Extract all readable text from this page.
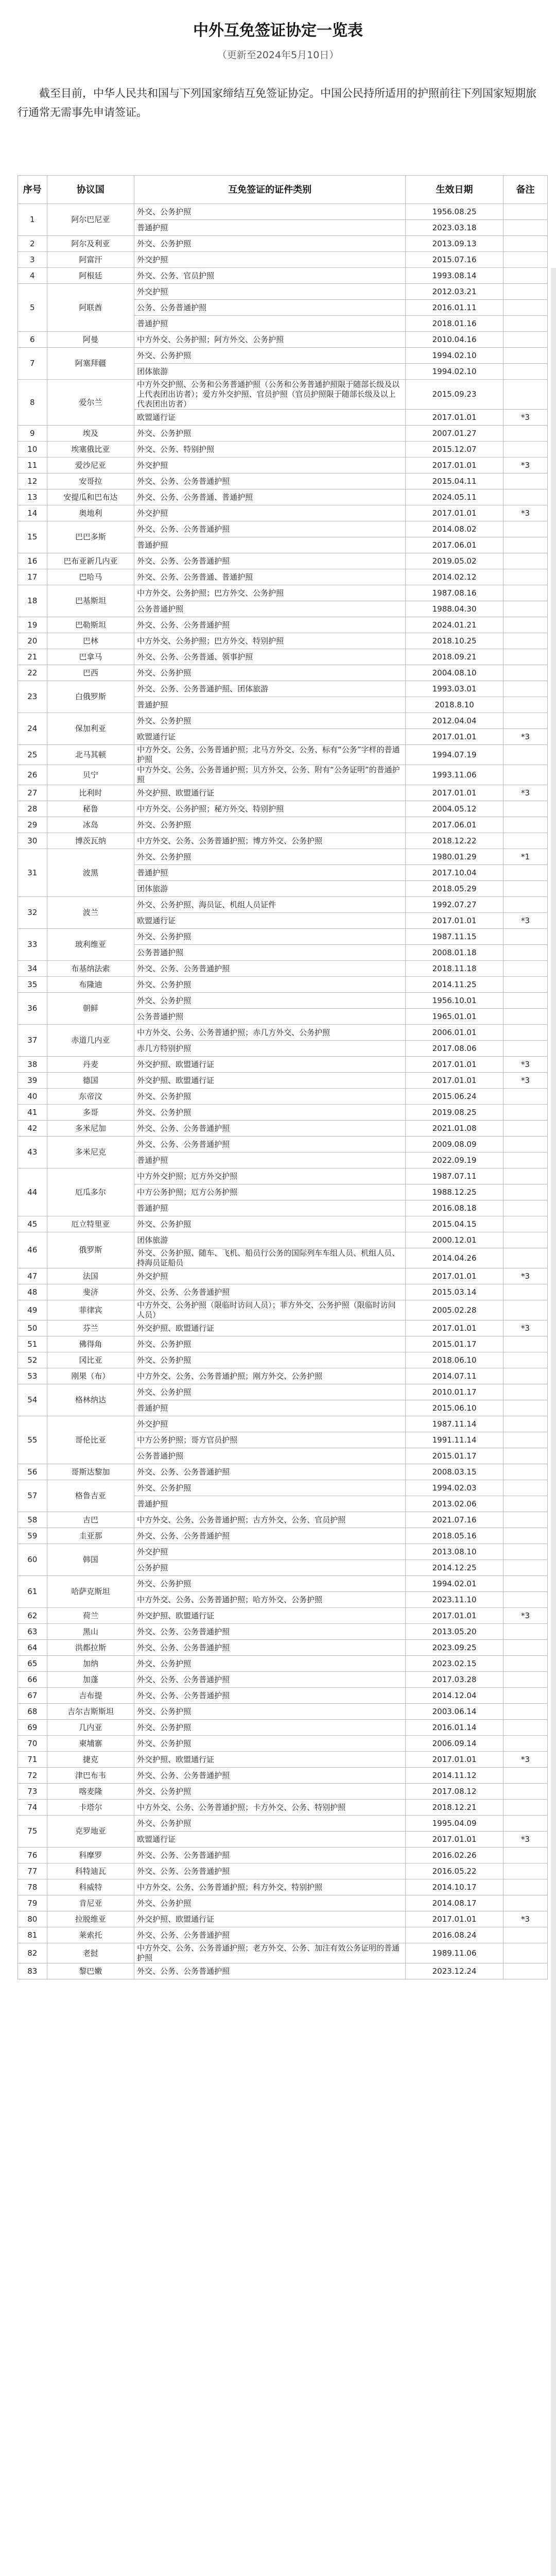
中外互免签证协定一览表
（更新至2024年5月10日）
截至目前，中华人民共和国与下列国家缔结互免签证协定。中国公民持所适用的护照前往下列国家短期旅行通常无需事先申请签证。
序号	协议国	互免签证的证件类别	生效日期	备注
1	阿尔巴尼亚	外交、公务护照	1956.08.25	
		普通护照	2023.03.18	
2	阿尔及利亚	外交、公务护照	2013.09.13	
3	阿富汗	外交护照	2015.07.16	
4	阿根廷	外交、公务、官员护照	1993.08.14	
5	阿联酋	外交护照	2012.03.21	
		公务、公务普通护照	2016.01.11	
		普通护照	2018.01.16	
6	阿曼	中方外交、公务护照；阿方外交、公务护照	2010.04.16	
7	阿塞拜疆	外交、公务护照	1994.02.10	
		团体旅游	1994.02.10	
8	爱尔兰	中方外交护照、公务和公务普通护照（公务和公务普通护照限于随部长级及以上代表团出访者）；爱方外交护照、官员护照（官员护照限于随部长级及以上代表团出访者）	2015.09.23	
		欧盟通行证	2017.01.01	*3
9	埃及	外交、公务护照	2007.01.27	
10	埃塞俄比亚	外交、公务、特别护照	2015.12.07	
11	爱沙尼亚	外交护照	2017.01.01	*3
12	安哥拉	外交、公务、公务普通护照	2015.04.11	
13	安提瓜和巴布达	外交、公务、公务普通、普通护照	2024.05.11	
14	奥地利	外交护照	2017.01.01	*3
15	巴巴多斯	外交、公务、公务普通护照	2014.08.02	
		普通护照	2017.06.01	
16	巴布亚新几内亚	外交、公务、公务普通护照	2019.05.02	
17	巴哈马	外交、公务、公务普通、普通护照	2014.02.12	
18	巴基斯坦	中方外交、公务护照；巴方外交、公务护照	1987.08.16	
		公务普通护照	1988.04.30	
19	巴勒斯坦	外交、公务、公务普通护照	2024.01.21	
20	巴林	中方外交、公务护照；巴方外交、特别护照	2018.10.25	
21	巴拿马	外交、公务、公务普通、领事护照	2018.09.21	
22	巴西	外交、公务护照	2004.08.10	
23	白俄罗斯	外交、公务、公务普通护照、团体旅游	1993.03.01	
		普通护照	2018.8.10	
24	保加利亚	外交、公务护照	2012.04.04	
		欧盟通行证	2017.01.01	*3
25	北马其顿	中方外交、公务、公务普通护照；北马方外交、公务、标有“公务”字样的普通护照	1994.07.19	
26	贝宁	中方外交、公务、公务普通护照；贝方外交、公务、附有“公务证明”的普通护照	1993.11.06	
27	比利时	外交护照、欧盟通行证	2017.01.01	*3
28	秘鲁	中方外交、公务护照；秘方外交、特别护照	2004.05.12	
29	冰岛	外交、公务护照	2017.06.01	
30	博茨瓦纳	中方外交、公务、公务普通护照；博方外交、公务护照	2018.12.22	
31	波黑	外交、公务护照	1980.01.29	*1
		普通护照	2017.10.04	
		团体旅游	2018.05.29	
32	波兰	外交、公务护照、海员证、机组人员证件	1992.07.27	
		欧盟通行证	2017.01.01	*3
33	玻利维亚	外交、公务护照	1987.11.15	
		公务普通护照	2008.01.18	
34	布基纳法索	外交、公务、公务普通护照	2018.11.18	
35	布隆迪	外交、公务护照	2014.11.25	
36	朝鲜	外交、公务护照	1956.10.01	
		公务普通护照	1965.01.01	
37	赤道几内亚	中方外交、公务、公务普通护照；赤几方外交、公务护照	2006.01.01	
		赤几方特别护照	2017.08.06	
38	丹麦	外交护照、欧盟通行证	2017.01.01	*3
39	德国	外交护照、欧盟通行证	2017.01.01	*3
40	东帝汶	外交、公务护照	2015.06.24	
41	多哥	外交、公务护照	2019.08.25	
42	多米尼加	外交、公务、公务普通护照	2021.01.08	
43	多米尼克	外交、公务、公务普通护照	2009.08.09	
		普通护照	2022.09.19	
44	厄瓜多尔	中方外交护照；厄方外交护照	1987.07.11	
		中方公务护照；厄方公务护照	1988.12.25	
		普通护照	2016.08.18	
45	厄立特里亚	外交、公务护照	2015.04.15	
46	俄罗斯	团体旅游	2000.12.01	
		外交、公务护照、随车、飞机、船员行公务的国际列车车组人员、机组人员、持海员证船员	2014.04.26	
47	法国	外交护照	2017.01.01	*3
48	斐济	外交、公务、公务普通护照	2015.03.14	
49	菲律宾	中方外交、公务护照（限临时访问人员）；菲方外交、公务护照（限临时访问人员）	2005.02.28	
50	芬兰	外交护照、欧盟通行证	2017.01.01	*3
51	佛得角	外交、公务护照	2015.01.17	
52	冈比亚	外交、公务护照	2018.06.10	
53	刚果（布）	中方外交、公务、公务普通护照；刚方外交、公务护照	2014.07.11	
54	格林纳达	外交、公务护照	2010.01.17	
		普通护照	2015.06.10	
55	哥伦比亚	外交护照	1987.11.14	
		中方公务护照；哥方官员护照	1991.11.14	
		公务普通护照	2015.01.17	
56	哥斯达黎加	外交、公务、公务普通护照	2008.03.15	
57	格鲁吉亚	外交、公务护照	1994.02.03	
		普通护照	2013.02.06	
58	古巴	中方外交、公务、公务普通护照；古方外交、公务、官员护照	2021.07.16	
59	圭亚那	外交、公务、公务普通护照	2018.05.16	
60	韩国	外交护照	2013.08.10	
		公务护照	2014.12.25	
61	哈萨克斯坦	外交、公务护照	1994.02.01	
		中方外交、公务、公务普通护照；哈方外交、公务护照	2023.11.10	
62	荷兰	外交护照、欧盟通行证	2017.01.01	*3
63	黑山	外交、公务、公务普通护照	2013.05.20	
64	洪都拉斯	外交、公务、公务普通护照	2023.09.25	
65	加纳	外交、公务护照	2023.02.15	
66	加蓬	外交、公务、公务普通护照	2017.03.28	
67	吉布提	外交、公务、公务普通护照	2014.12.04	
68	吉尔吉斯斯坦	外交、公务护照	2003.06.14	
69	几内亚	外交、公务护照	2016.01.14	
70	柬埔寨	外交、公务护照	2006.09.14	
71	捷克	外交护照、欧盟通行证	2017.01.01	*3
72	津巴布韦	外交、公务、公务普通护照	2014.11.12	
73	喀麦隆	外交、公务护照	2017.08.12	
74	卡塔尔	中方外交、公务、公务普通护照；卡方外交、公务、特别护照	2018.12.21	
75	克罗地亚	外交、公务护照	1995.04.09	
		欧盟通行证	2017.01.01	*3
76	科摩罗	外交、公务、公务普通护照	2016.02.26	
77	科特迪瓦	外交、公务、公务普通护照	2016.05.22	
78	科威特	中方外交、公务、公务普通护照；科方外交、特别护照	2014.10.17	
79	肯尼亚	外交、公务护照	2014.08.17	
80	拉脱维亚	外交护照、欧盟通行证	2017.01.01	*3
81	莱索托	外交、公务、公务普通护照	2016.08.24	
82	老挝	中方外交、公务、公务普通护照；老方外交、公务、加注有效公务证明的普通护照	1989.11.06	
83	黎巴嫩	外交、公务、公务普通护照	2023.12.24	
